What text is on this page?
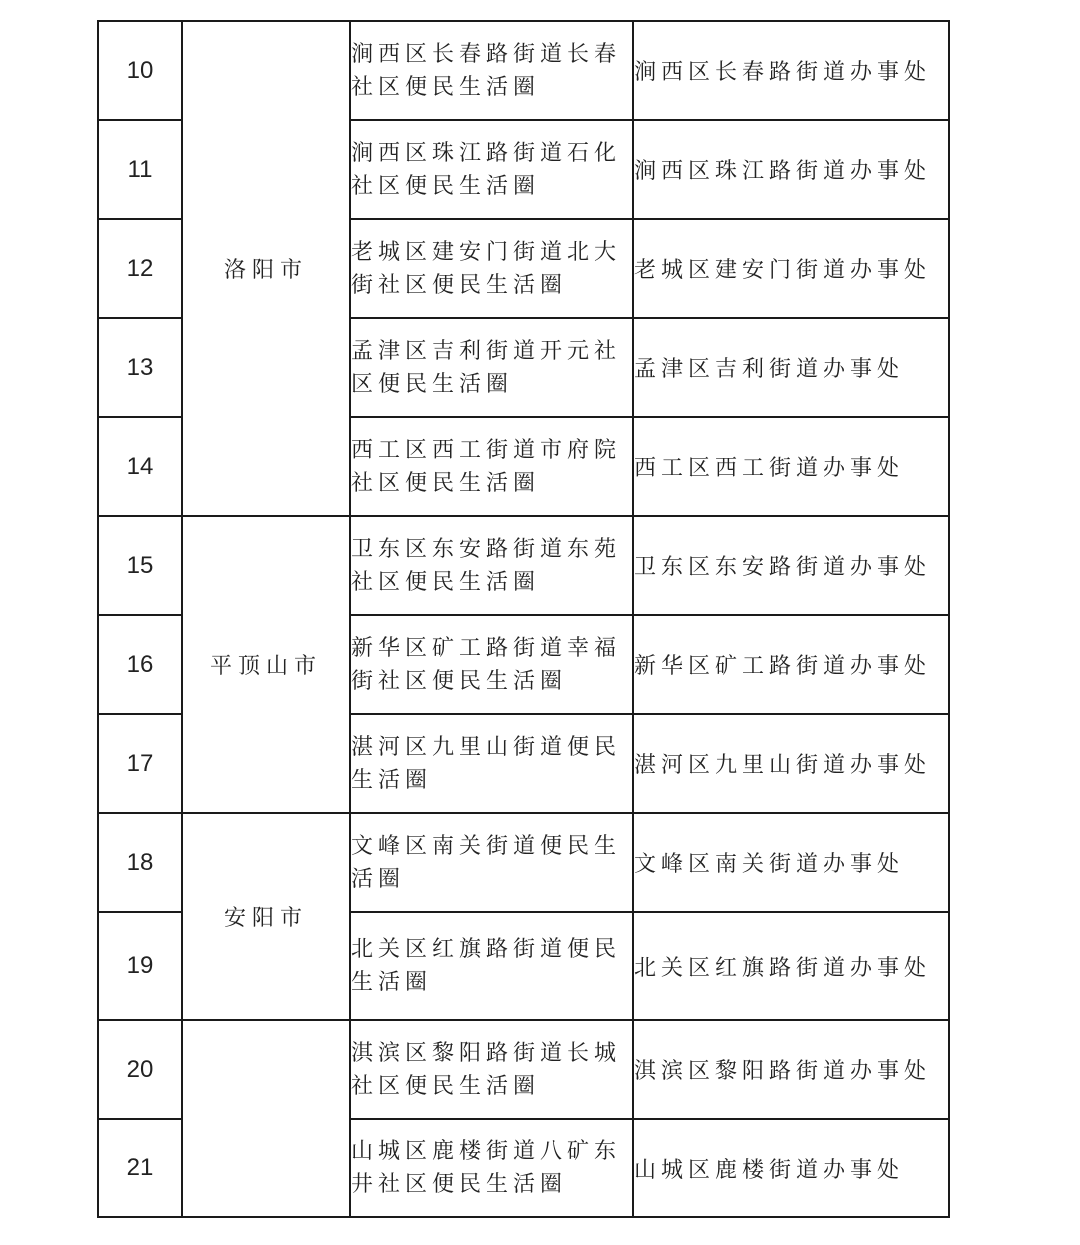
10	洛阳市	涧西区长春路街道长春社区便民生活圈	涧西区长春路街道办事处
11		涧西区珠江路街道石化社区便民生活圈	涧西区珠江路街道办事处
12		老城区建安门街道北大街社区便民生活圈	老城区建安门街道办事处
13		孟津区吉利街道开元社区便民生活圈	孟津区吉利街道办事处
14		西工区西工街道市府院社区便民生活圈	西工区西工街道办事处
15	平顶山市	卫东区东安路街道东苑社区便民生活圈	卫东区东安路街道办事处
16		新华区矿工路街道幸福街社区便民生活圈	新华区矿工路街道办事处
17		湛河区九里山街道便民生活圈	湛河区九里山街道办事处
18	安阳市	文峰区南关街道便民生活圈	文峰区南关街道办事处
19		北关区红旗路街道便民生活圈	北关区红旗路街道办事处
20		淇滨区黎阳路街道长城社区便民生活圈	淇滨区黎阳路街道办事处
21		山城区鹿楼街道八矿东井社区便民生活圈	山城区鹿楼街道办事处
